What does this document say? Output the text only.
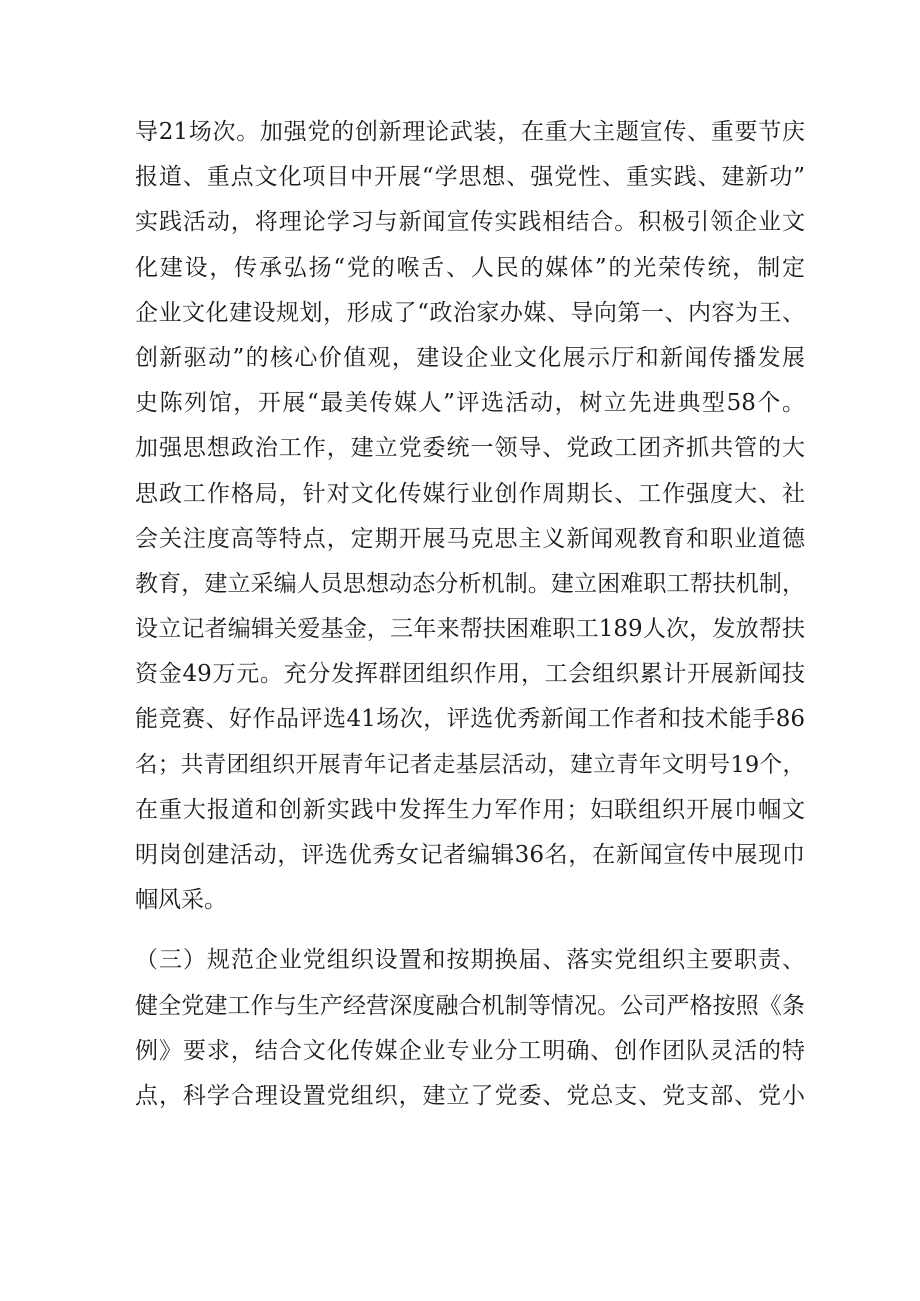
导21场次。加强党的创新理论武装，在重大主题宣传、重要节庆
报道、重点文化项目中开展“学思想、强党性、重实践、建新功”
实践活动，将理论学习与新闻宣传实践相结合。积极引领企业文
化建设，传承弘扬“党的喉舌、人民的媒体”的光荣传统，制定
企业文化建设规划，形成了“政治家办媒、导向第一、内容为王、
创新驱动”的核心价值观，建设企业文化展示厅和新闻传播发展
史陈列馆，开展“最美传媒人”评选活动，树立先进典型58个。
加强思想政治工作，建立党委统一领导、党政工团齐抓共管的大
思政工作格局，针对文化传媒行业创作周期长、工作强度大、社
会关注度高等特点，定期开展马克思主义新闻观教育和职业道德
教育，建立采编人员思想动态分析机制。建立困难职工帮扶机制，
设立记者编辑关爱基金，三年来帮扶困难职工189人次，发放帮扶
资金49万元。充分发挥群团组织作用，工会组织累计开展新闻技
能竞赛、好作品评选41场次，评选优秀新闻工作者和技术能手86
名；共青团组织开展青年记者走基层活动，建立青年文明号19个，
在重大报道和创新实践中发挥生力军作用；妇联组织开展巾帼文
明岗创建活动，评选优秀女记者编辑36名，在新闻宣传中展现巾
帼风采。
（三）规范企业党组织设置和按期换届、落实党组织主要职责、
健全党建工作与生产经营深度融合机制等情况。公司严格按照《条
例》要求，结合文化传媒企业专业分工明确、创作团队灵活的特
点，科学合理设置党组织，建立了党委、党总支、党支部、党小
